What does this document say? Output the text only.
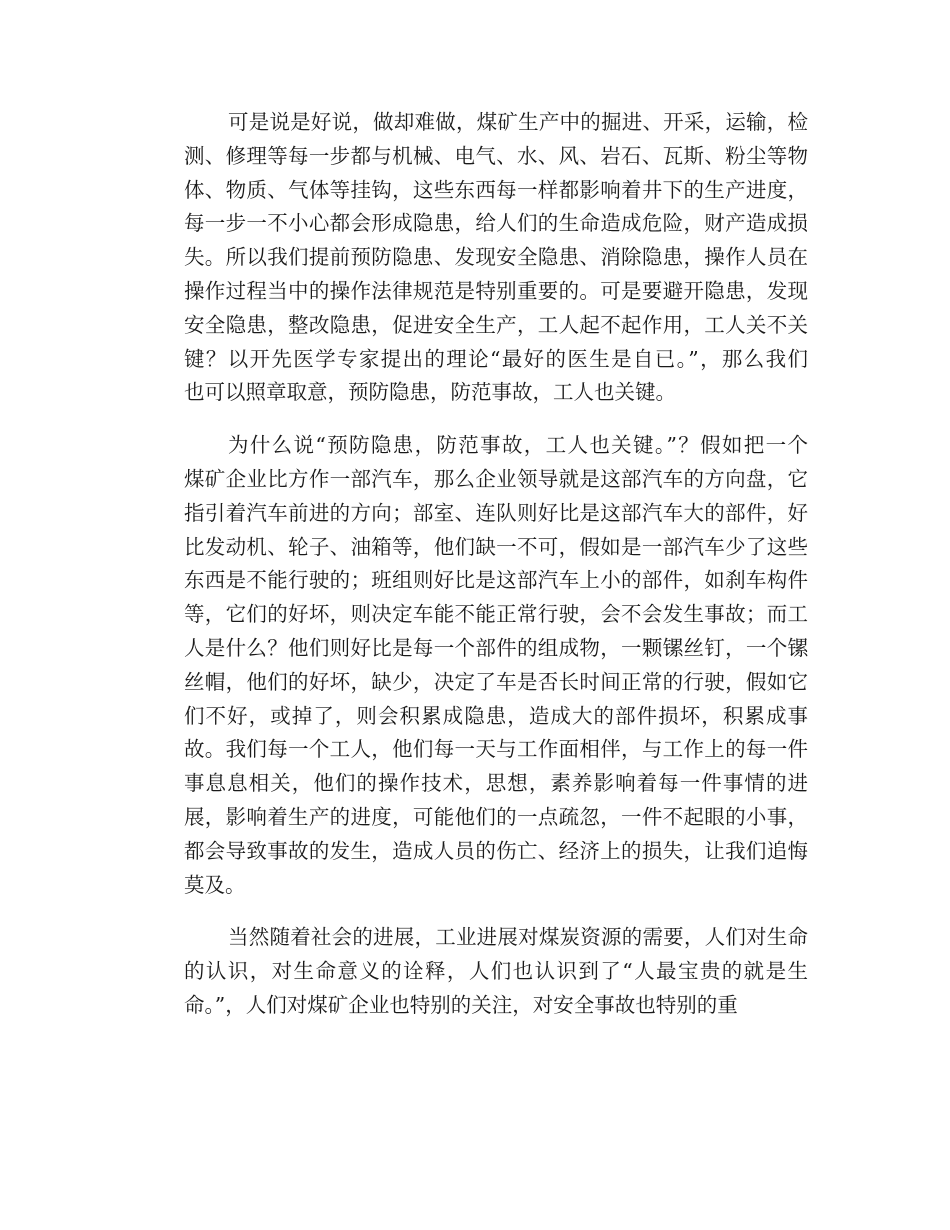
可是说是好说，做却难做，煤矿生产中的掘进、开采，运输，检
测、修理等每一步都与机械、电气、水、风、岩石、瓦斯、粉尘等物
体、物质、气体等挂钩，这些东西每一样都影响着井下的生产进度，
每一步一不小心都会形成隐患，给人们的生命造成危险，财产造成损
失。所以我们提前预防隐患、发现安全隐患、消除隐患，操作人员在
操作过程当中的操作法律规范是特别重要的。可是要避开隐患，发现
安全隐患，整改隐患，促进安全生产，工人起不起作用，工人关不关
键？以开先医学专家提出的理论“最好的医生是自已。”，那么我们
也可以照章取意，预防隐患，防范事故，工人也关键。

为什么说“预防隐患，防范事故，工人也关键。”？假如把一个
煤矿企业比方作一部汽车，那么企业领导就是这部汽车的方向盘，它
指引着汽车前进的方向；部室、连队则好比是这部汽车大的部件，好
比发动机、轮子、油箱等，他们缺一不可，假如是一部汽车少了这些
东西是不能行驶的；班组则好比是这部汽车上小的部件，如刹车构件
等，它们的好坏，则决定车能不能正常行驶，会不会发生事故；而工
人是什么？他们则好比是每一个部件的组成物，一颗镙丝钉，一个镙
丝帽，他们的好坏，缺少，决定了车是否长时间正常的行驶，假如它
们不好，或掉了，则会积累成隐患，造成大的部件损坏，积累成事
故。我们每一个工人，他们每一天与工作面相伴，与工作上的每一件
事息息相关，他们的操作技术，思想，素养影响着每一件事情的进
展，影响着生产的进度，可能他们的一点疏忽，一件不起眼的小事，
都会导致事故的发生，造成人员的伤亡、经济上的损失，让我们追悔
莫及。

当然随着社会的进展，工业进展对煤炭资源的需要，人们对生命
的认识，对生命意义的诠释，人们也认识到了“人最宝贵的就是生
命。”，人们对煤矿企业也特别的关注，对安全事故也特别的重
